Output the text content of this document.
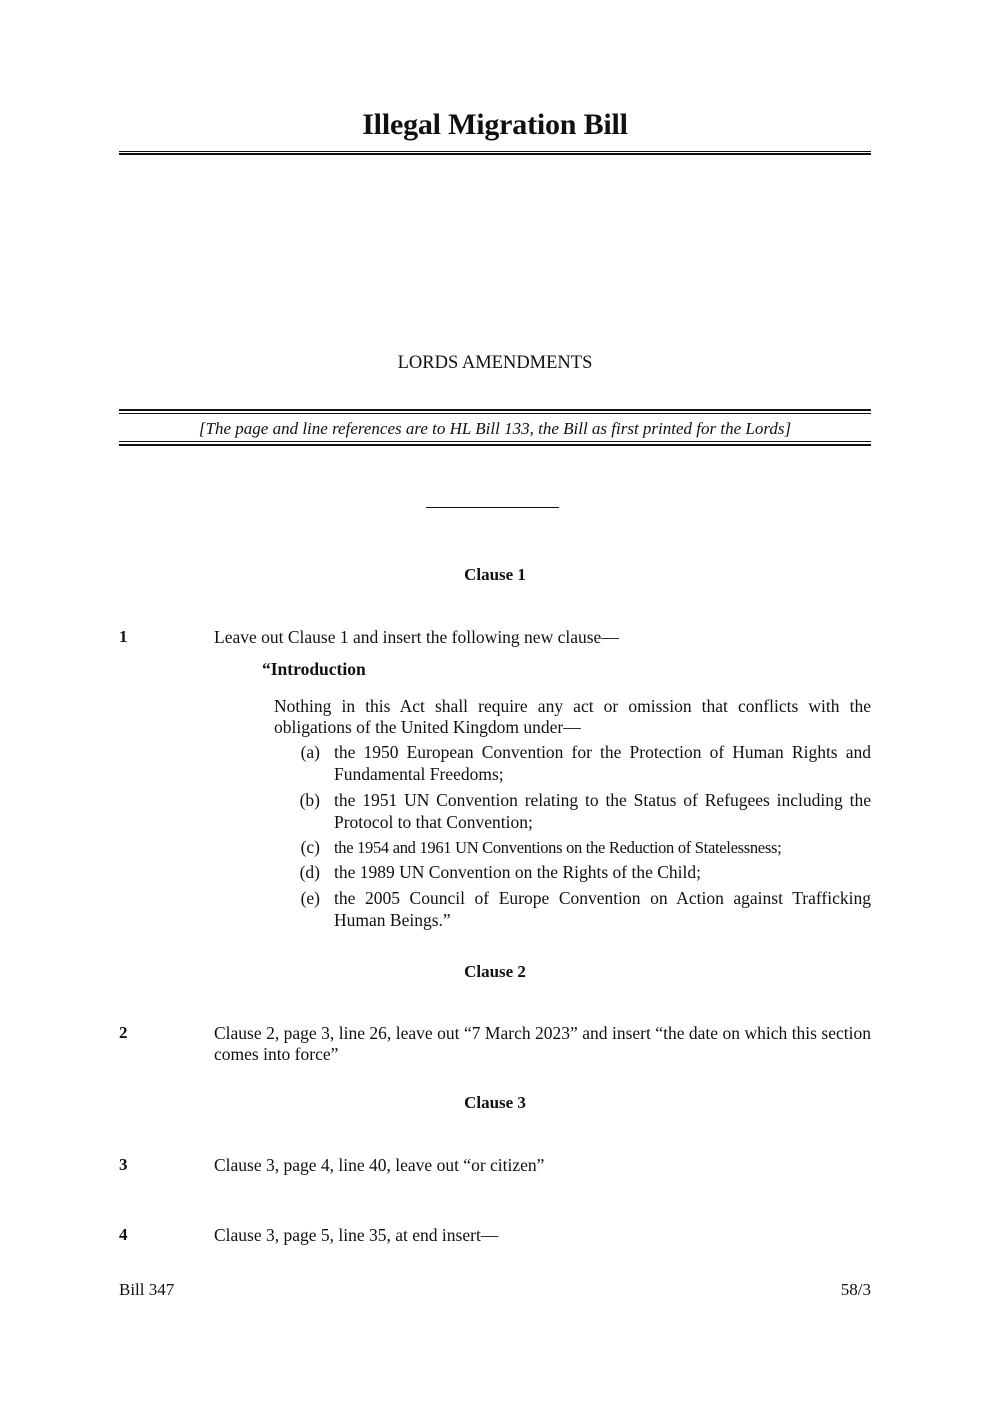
Illegal Migration Bill
LORDS AMENDMENTS
[The page and line references are to HL Bill 133, the Bill as first printed for the Lords]
Clause 1
1	Leave out Clause 1 and insert the following new clause—
“Introduction
Nothing in this Act shall require any act or omission that conflicts with the obligations of the United Kingdom under—
(a) the 1950 European Convention for the Protection of Human Rights and Fundamental Freedoms;
(b) the 1951 UN Convention relating to the Status of Refugees including the Protocol to that Convention;
(c) the 1954 and 1961 UN Conventions on the Reduction of Statelessness;
(d) the 1989 UN Convention on the Rights of the Child;
(e) the 2005 Council of Europe Convention on Action against Trafficking Human Beings.”
Clause 2
2	Clause 2, page 3, line 26, leave out “7 March 2023” and insert “the date on which this section comes into force”
Clause 3
3	Clause 3, page 4, line 40, leave out “or citizen”
4	Clause 3, page 5, line 35, at end insert—
Bill 347	58/3
